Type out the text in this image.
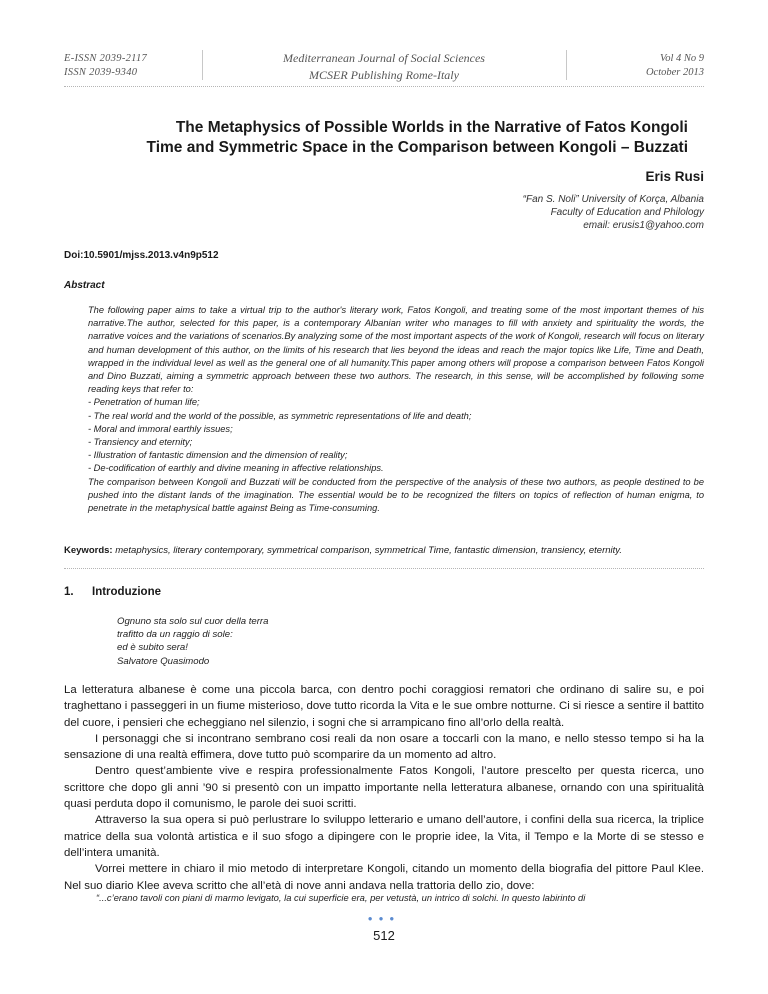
E-ISSN 2039-2117
ISSN 2039-9340
Mediterranean Journal of Social Sciences
MCSER Publishing Rome-Italy
Vol 4 No 9
October 2013
The Metaphysics of Possible Worlds in the Narrative of Fatos Kongoli
Time and Symmetric Space in the Comparison between Kongoli – Buzzati
Eris Rusi
“Fan S. Noli” University of Korça, Albania
Faculty of Education and Philology
email: erusis1@yahoo.com
Doi:10.5901/mjss.2013.v4n9p512
Abstract

The following paper aims to take a virtual trip to the author's literary work, Fatos Kongoli, and treating some of the most important themes of his narrative.The author, selected for this paper, is a contemporary Albanian writer who manages to fill with anxiety and spirituality the words, the narrative voices and the variations of scenarios.By analyzing some of the most important aspects of the work of Kongoli, research will focus on literary and human development of this author, on the limits of his research that lies beyond the ideas and reach the major topics like Life, Time and Death, wrapped in the individual level as well as the general one of all humanity.This paper among others will propose a comparison between Fatos Kongoli and Dino Buzzati, aiming a symmetric approach between these two authors. The research, in this sense, will be accomplished by following some reading keys that refer to:

- Penetration of human life;

- The real world and the world of the possible, as symmetric representations of life and death;

- Moral and immoral earthly issues;

- Transiency and eternity;

- Illustration of fantastic dimension and the dimension of reality;

- De-codification of earthly and divine meaning in affective relationships.

The comparison between Kongoli and Buzzati will be conducted from the perspective of the analysis of these two authors, as people destined to be pushed into the distant lands of the imagination. The essential would be to be recognized the filters on topics of reflection of human enigma, to penetrate in the metaphysical battle against Being as Time-consuming.

Keywords: metaphysics, literary contemporary, symmetrical comparison, symmetrical Time, fantastic dimension, transiency, eternity.
1. Introduzione
Ognuno sta solo sul cuor della terra
trafitto da un raggio di sole:
ed è subito sera!
Salvatore Quasimodo

La letteratura albanese è come una piccola barca, con dentro pochi coraggiosi rematori che ordinano di salire su, e poi traghettano i passeggeri in un fiume misterioso, dove tutto ricorda la Vita e le sue ombre notturne. Ci si riesce a sentire il battito del cuore, i pensieri che echeggiano nel silenzio, i sogni che si arrampicano fino all’orlo della realtà.

I personaggi che si incontrano sembrano cosi reali da non osare a toccarli con la mano, e nello stesso tempo si ha la sensazione di una realtà effimera, dove tutto può scomparire da un momento ad altro.

Dentro quest’ambiente vive e respira professionalmente Fatos Kongoli, l’autore prescelto per questa ricerca, uno scrittore che dopo gli anni ’90 si presentò con un impatto importante nella letteratura albanese, ornando con una spiritualità quasi perduta dopo il comunismo, le parole dei suoi scritti.

Attraverso la sua opera si può perlustrare lo sviluppo letterario e umano dell’autore, i confini della sua ricerca, la triplice matrice della sua volontà artistica e il suo sfogo a dipingere con le proprie idee, la Vita, il Tempo e la Morte di se stesso e dell’intera umanità.

Vorrei mettere in chiaro il mio metodo di interpretare Kongoli, citando un momento della biografia del pittore Paul Klee. Nel suo diario Klee aveva scritto che all’età di nove anni andava nella trattoria dello zio, dove:

“...c’erano tavoli con piani di marmo levigato, la cui superficie era, per vetustà, un intrico di solchi. In questo labirinto di
●●●
512
